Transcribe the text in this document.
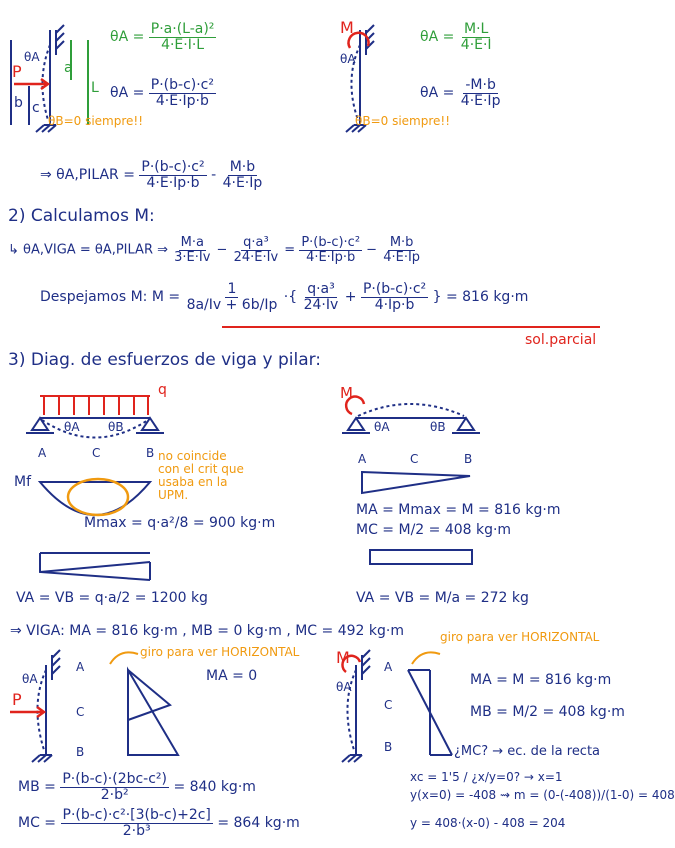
P
θA
a
L
b c
θB=0 siempre!!
$\theta A = \frac{\text{P·a·(L-a)²}}{4\cdot E\cdot I\cdot L}$
$\theta A = \frac{\text{P·(b-c)·c²}}{4\cdot E\cdot Ip\cdot b}$
M
θA
θB=0 siempre!!
$\theta A = \frac{M\cdot L}{4\cdot E\cdot I}$
$\theta A = \frac{-M\cdot b}{4\cdot E\cdot Ip}$
⇒ θA,PILAR = $\frac{\text{P·(b-c)·c²}}{4\cdot E\cdot Ip\cdot b} - \frac{M\cdot b}{4\cdot E\cdot Ip}$
2) Calculamos M:
↳ θA,VIGA = θA,PILAR ⇒ $\frac{M\cdot a}{3\cdot E\cdot Iv} - \frac{\text{q·a³}}{24\cdot E\cdot Iv} = \frac{\text{P·(b-c)·c²}}{4\cdot E\cdot Ip\cdot b} - \frac{M\cdot b}{4\cdot E\cdot Ip}$
Despejamos M: $M = \frac{1}{8a/Iv + 6b/Ip}$ ·{ $\frac{\text{q·a³}}{24\cdot Iv} + \frac{\text{P·(b-c)·c²}}{4\cdot Ip\cdot b}$ } = 816 kg·m
sol.parcial
3) Diag. de esfuerzos de viga y pilar:
q
θA θB
A	C	B
Mf
no coincide
con el crit que
usaba en la
UPM.
Mmax = q·a²/8 = 900 kg·m
VA = VB = q·a/2 = 1200 kg
M
θA	θB
A	C	B
MA = Mmax = M = 816 kg·m
MC = M/2 = 408 kg·m
VA = VB = M/a = 272 kg
⇒ VIGA: MA = 816 kg·m , MB = 0 kg·m , MC = 492 kg·m
P
θA
A
C
B
giro para ver HORIZONTAL
MA = 0
MB = $\frac{\text{P·(b-c)·(2bc-c²)}}{\text{2·b²}} = 840$ kg·m
MC = $\frac{\text{P·(b-c)·c²·[3(b-c)+2c]}}{\text{2·b³}} = 864$ kg·m
M
θA
A
C
B
giro para ver HORIZONTAL
MA = M = 816 kg·m
MB = M/2 = 408 kg·m
¿MC? → ec. de la recta
xc = 1'5 / ¿x/y=0? → x=1
y(x=0) = -408 ⇝ m = (0-(-408))/(1-0) = 408
y = 408·(x-0) - 408 = 204
